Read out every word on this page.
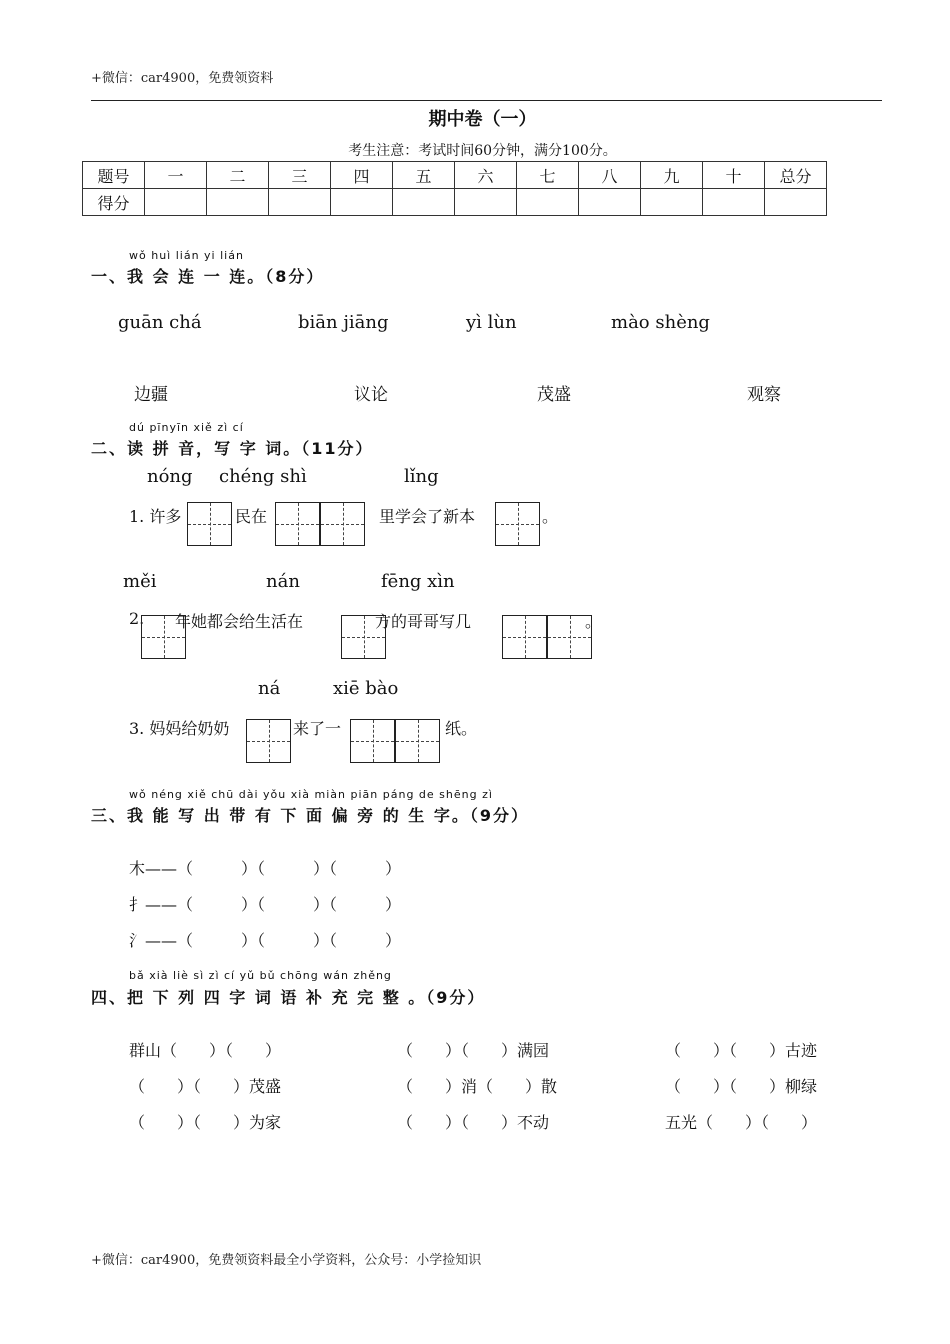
+微信：car4900，免费领资料
期中卷（一）
考生注意：考试时间60分钟，满分100分。
题号	一	二	三	四	五	六	七	八	九	十	总分
得分											
wǒ huì lián yi lián
一、我 会 连 一 连。（8分）
guān chá	biān jiāng	yì lùn	mào shèng
边疆	议论	茂盛	观察
dú pīnyīn xiě zì cí
二、读 拼 音，写 字 词。（11分）
nóng chéng shì	lǐng
1. 许多	民在	里学会了新本	。
měi	nán	fēng xìn
2. 年她都会给生活在	方的哥哥写几	。
ná	xiē bào
3. 妈妈给奶奶	来了一	纸。
wǒ néng xiě chū dài yǒu xià miàn piān páng de shēng zì
三、我 能 写 出 带 有 下 面 偏 旁 的 生 字。（9分）
木——（　　　）（　　　）（　　　）
扌——（　　　）（　　　）（　　　）
氵——（　　　）（　　　）（　　　）
bǎ xià liè sì zì cí yǔ bǔ chōng wán zhěng
四、把 下 列 四 字 词 语 补 充 完 整 。（9分）
群山（　　）（　　）	（　　）（　　）满园	（　　）（　　）古迹
（　　）（　　）茂盛	（　　）消（　　）散	（　　）（　　）柳绿
（　　）（　　）为家	（　　）（　　）不动	五光（　　）（　　）
+微信：car4900，免费领资料最全小学资料，公众号：小学捡知识
